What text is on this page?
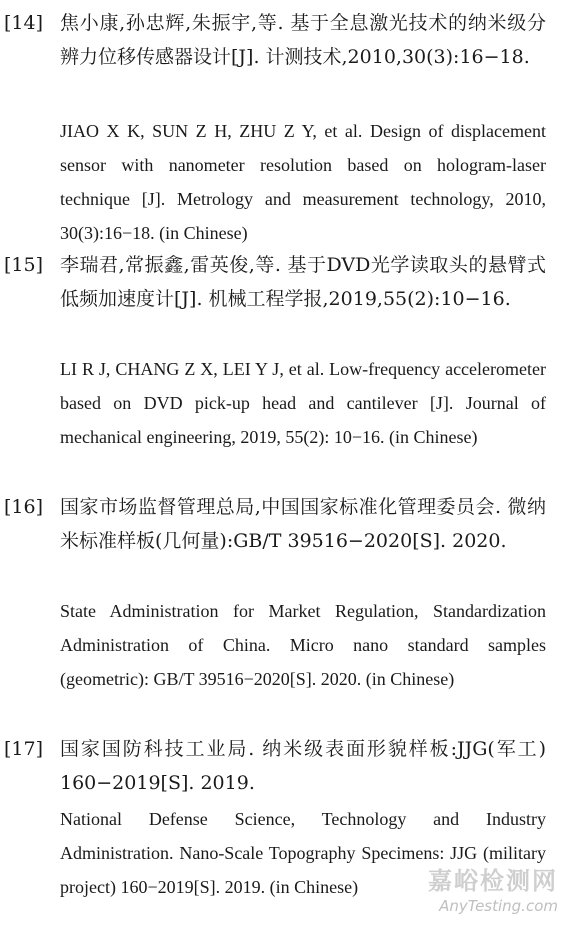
[14] 焦小康,孙忠辉,朱振宇,等. 基于全息激光技术的纳米级分辨力位移传感器设计[J]. 计测技术,2010,30(3):16−18.
JIAO X K, SUN Z H, ZHU Z Y, et al. Design of displacement sensor with nanometer resolution based on hologram-laser technique [J]. Metrology and measurement technology, 2010, 30(3):16−18. (in Chinese)
[15] 李瑞君,常振鑫,雷英俊,等. 基于DVD光学读取头的悬臂式低频加速度计[J]. 机械工程学报,2019,55(2):10−16.
LI R J, CHANG Z X, LEI Y J, et al. Low-frequency accelerometer based on DVD pick-up head and cantilever [J]. Journal of mechanical engineering, 2019, 55(2): 10−16. (in Chinese)
[16] 国家市场监督管理总局,中国国家标准化管理委员会. 微纳米标准样板(几何量):GB/T 39516−2020[S]. 2020.
State Administration for Market Regulation, Standardization Administration of China. Micro nano standard samples (geometric): GB/T 39516−2020[S]. 2020. (in Chinese)
[17] 国家国防科技工业局. 纳米级表面形貌样板:JJG(军工) 160−2019[S]. 2019.
National Defense Science, Technology and Industry Administration. Nano-Scale Topography Specimens: JJG (military project) 160−2019[S]. 2019. (in Chinese)	嘉峪检测网
AnyTesting.com
